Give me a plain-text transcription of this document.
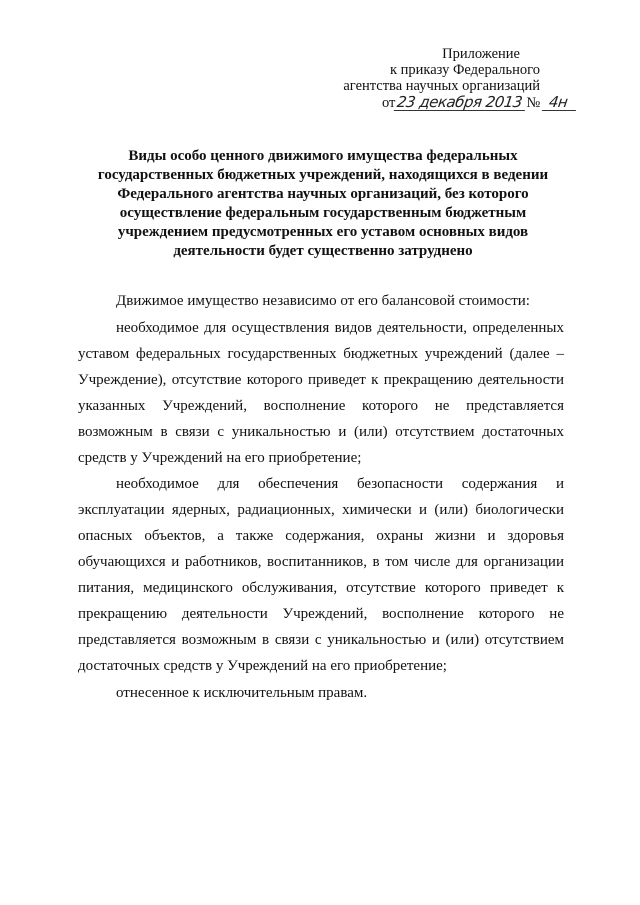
Приложение
к приказу Федерального
агентства научных организаций
от23 декабря 2013 № 4н
Виды особо ценного движимого имущества федеральных
государственных бюджетных учреждений, находящихся в ведении
Федерального агентства научных организаций, без которого
осуществление федеральным государственным бюджетным
учреждением предусмотренных его уставом основных видов
деятельности будет существенно затруднено
Движимое имущество независимо от его балансовой стоимости:
необходимое для осуществления видов деятельности, определенных уставом федеральных государственных бюджетных учреждений (далее – Учреждение), отсутствие которого приведет к прекращению деятельности указанных Учреждений, восполнение которого не представляется возможным в связи с уникальностью и (или) отсутствием достаточных средств у Учреждений на его приобретение;
необходимое для обеспечения безопасности содержания и эксплуатации ядерных, радиационных, химически и (или) биологически опасных объектов, а также содержания, охраны жизни и здоровья обучающихся и работников, воспитанников, в том числе для организации питания, медицинского обслуживания, отсутствие которого приведет к прекращению деятельности Учреждений, восполнение которого не представляется возможным в связи с уникальностью и (или) отсутствием достаточных средств у Учреждений на его приобретение;
отнесенное к исключительным правам.
